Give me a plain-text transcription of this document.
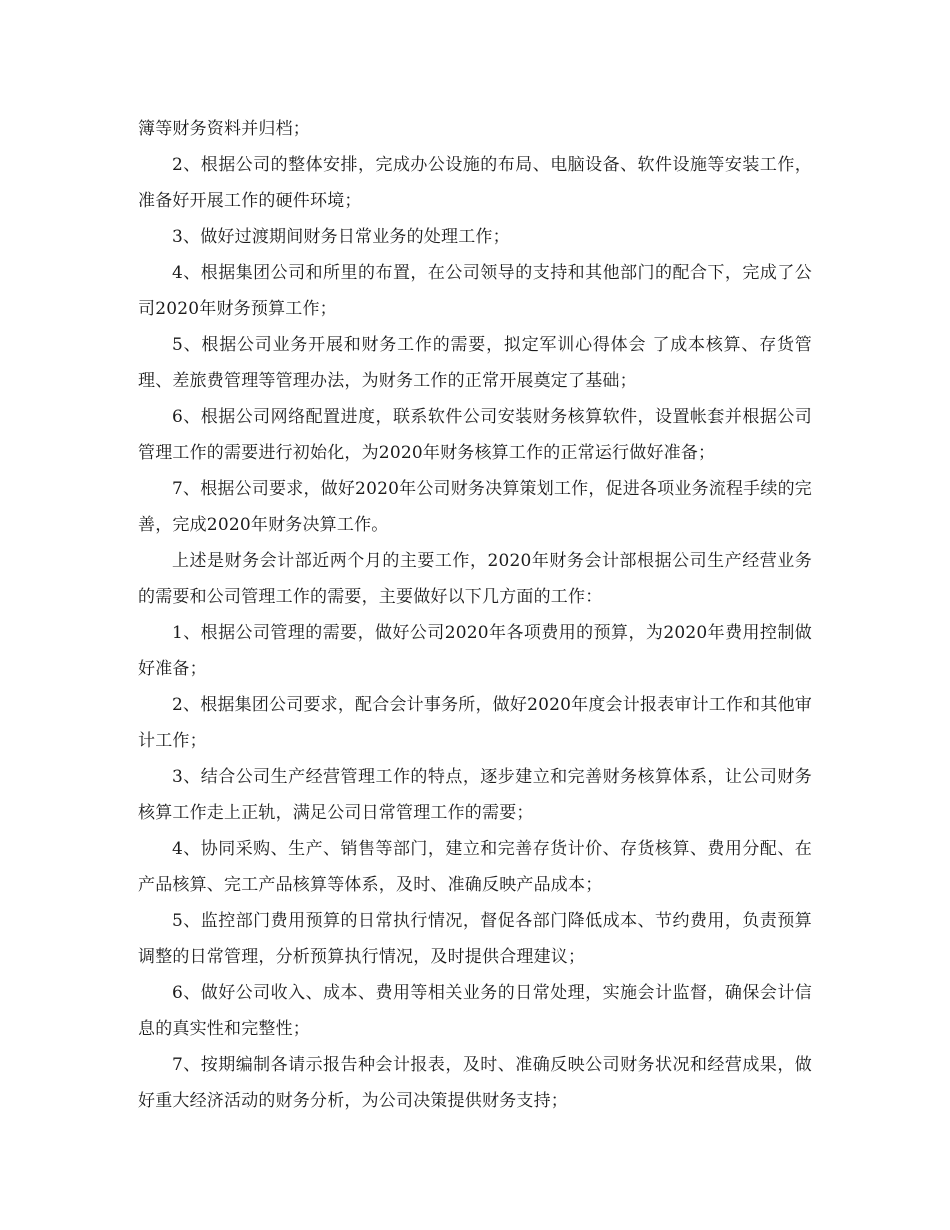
簿等财务资料并归档；

2、根据公司的整体安排，完成办公设施的布局、电脑设备、软件设施等安装工作，准备好开展工作的硬件环境；

3、做好过渡期间财务日常业务的处理工作；

4、根据集团公司和所里的布置，在公司领导的支持和其他部门的配合下，完成了公司2020年财务预算工作；

5、根据公司业务开展和财务工作的需要，拟定军训心得体会 了成本核算、存货管理、差旅费管理等管理办法，为财务工作的正常开展奠定了基础；

6、根据公司网络配置进度，联系软件公司安装财务核算软件，设置帐套并根据公司管理工作的需要进行初始化，为2020年财务核算工作的正常运行做好准备；

7、根据公司要求，做好2020年公司财务决算策划工作，促进各项业务流程手续的完善，完成2020年财务决算工作。

上述是财务会计部近两个月的主要工作，2020年财务会计部根据公司生产经营业务的需要和公司管理工作的需要，主要做好以下几方面的工作：

1、根据公司管理的需要，做好公司2020年各项费用的预算，为2020年费用控制做好准备；

2、根据集团公司要求，配合会计事务所，做好2020年度会计报表审计工作和其他审计工作；

3、结合公司生产经营管理工作的特点，逐步建立和完善财务核算体系，让公司财务核算工作走上正轨，满足公司日常管理工作的需要；

4、协同采购、生产、销售等部门，建立和完善存货计价、存货核算、费用分配、在产品核算、完工产品核算等体系，及时、准确反映产品成本；

5、监控部门费用预算的日常执行情况，督促各部门降低成本、节约费用，负责预算调整的日常管理，分析预算执行情况，及时提供合理建议；

6、做好公司收入、成本、费用等相关业务的日常处理，实施会计监督，确保会计信息的真实性和完整性；

7、按期编制各请示报告种会计报表，及时、准确反映公司财务状况和经营成果，做好重大经济活动的财务分析，为公司决策提供财务支持；
